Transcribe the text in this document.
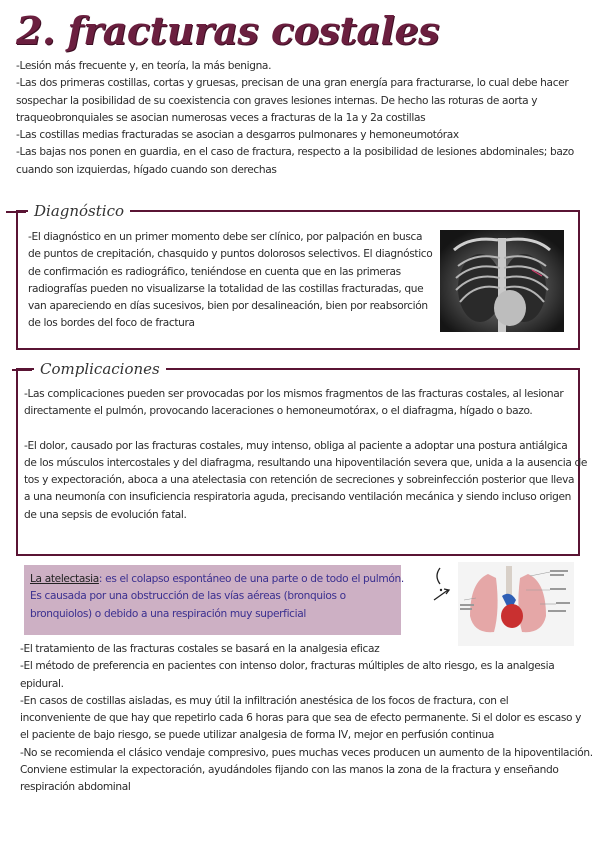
2. fracturas costales

-Lesión más frecuente y, en teoría, la más benigna.

-Las dos primeras costillas, cortas y gruesas, precisan de una gran energía para fracturarse, lo cual debe hacer

sospechar la posibilidad de su coexistencia con graves lesiones internas. De hecho las roturas de aorta y

traqueobronquiales se asocian numerosas veces a fracturas de la 1a y 2a costillas

-Las costillas medias fracturadas se asocian a desgarros pulmonares y hemoneumotórax

-Las bajas nos ponen en guardia, en el caso de fractura, respecto a la posibilidad de lesiones abdominales; bazo

cuando son izquierdas, hígado cuando son derechas

Diagnóstico

-El diagnóstico en un primer momento debe ser clínico, por palpación en busca

de puntos de crepitación, chasquido y puntos dolorosos selectivos. El diagnóstico

de confirmación es radiográfico, teniéndose en cuenta que en las primeras

radiografías pueden no visualizarse la totalidad de las costillas fracturadas, que

van apareciendo en días sucesivos, bien por desalineación, bien por reabsorción

de los bordes del foco de fractura

Complicaciones

-Las complicaciones pueden ser provocadas por los mismos fragmentos de las fracturas costales, al lesionar

directamente el pulmón, provocando laceraciones o hemoneumotórax, o el diafragma, hígado o bazo.

-El dolor, causado por las fracturas costales, muy intenso, obliga al paciente a adoptar una postura antiálgica

de los músculos intercostales y del diafragma, resultando una hipoventilación severa que, unida a la ausencia de

tos y expectoración, aboca a una atelectasia con retención de secreciones y sobreinfección posterior que lleva

a una neumonía con insuficiencia respiratoria aguda, precisando ventilación mecánica y siendo incluso origen

de una sepsis de evolución fatal.

La atelectasia: es el colapso espontáneo de una parte o de todo el pulmón.

Es causada por una obstrucción de las vías aéreas (bronquios o

bronquiolos) o debido a una respiración muy superficial

-El tratamiento de las fracturas costales se basará en la analgesia eficaz

-El método de preferencia en pacientes con intenso dolor, fracturas múltiples de alto riesgo, es la analgesia

epidural.

-En casos de costillas aisladas, es muy útil la infiltración anestésica de los focos de fractura, con el

inconveniente de que hay que repetirlo cada 6 horas para que sea de efecto permanente. Si el dolor es escaso y

el paciente de bajo riesgo, se puede utilizar analgesia de forma IV, mejor en perfusión continua

-No se recomienda el clásico vendaje compresivo, pues muchas veces producen un aumento de la hipoventilación.

Conviene estimular la expectoración, ayudándoles fijando con las manos la zona de la fractura y enseñando

respiración abdominal
